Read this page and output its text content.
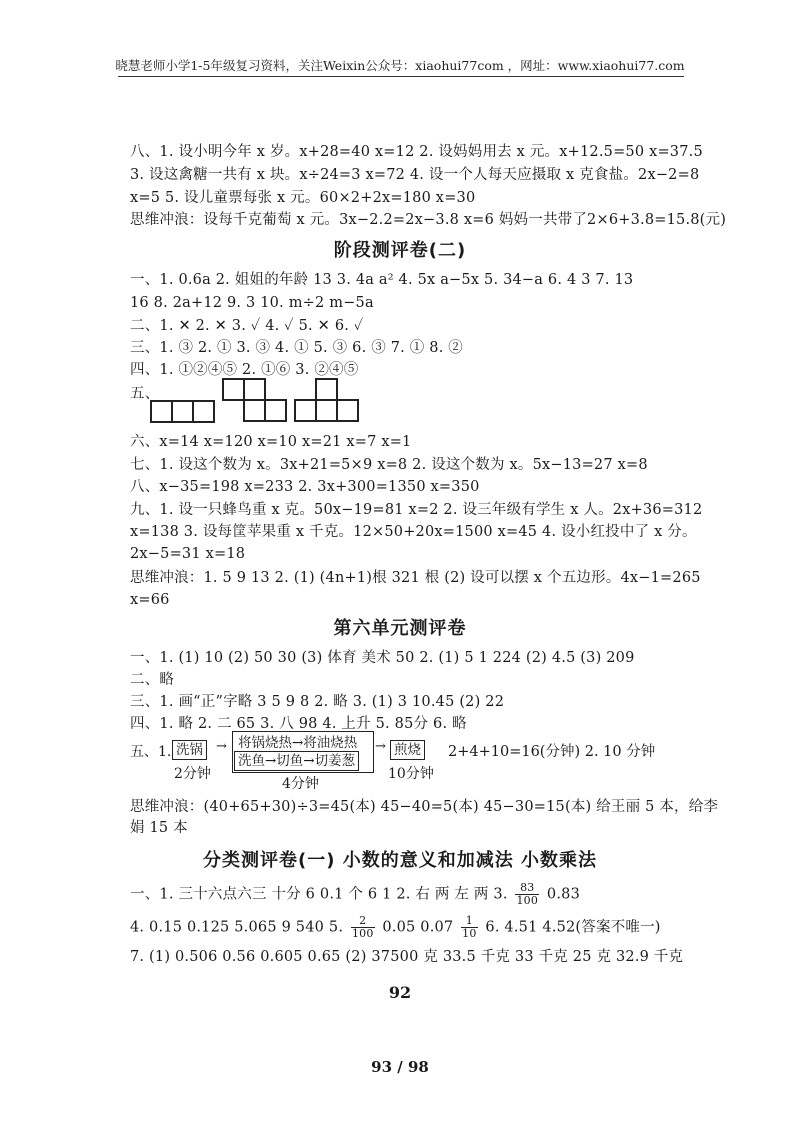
晓慧老师小学1-5年级复习资料，关注Weixin公众号：xiaohui77com ，网址：www.xiaohui77.com
八、1. 设小明今年 x 岁。x+28=40 x=12 2. 设妈妈用去 x 元。x+12.5=50 x=37.5
3. 设这禽糖一共有 x 块。x÷24=3 x=72 4. 设一个人每天应摄取 x 克食盐。2x−2=8
x=5 5. 设儿童票每张 x 元。60×2+2x=180 x=30
思维冲浪：设每千克葡萄 x 元。3x−2.2=2x−3.8 x=6 妈妈一共带了2×6+3.8=15.8(元)
阶段测评卷(二)
一、1. 0.6a 2. 姐姐的年龄 13 3. 4a a² 4. 5x a−5x 5. 34−a 6. 4 3 7. 13
16 8. 2a+12 9. 3 10. m÷2 m−5a
二、1. ✕ 2. ✕ 3. ✓ 4. ✓ 5. ✕ 6. ✓
三、1. ③ 2. ① 3. ③ 4. ① 5. ③ 6. ③ 7. ① 8. ②
四、1. ①②④⑤ 2. ①⑥ 3. ②④⑤
五、
六、x=14 x=120 x=10 x=21 x=7 x=1
七、1. 设这个数为 x。3x+21=5×9 x=8 2. 设这个数为 x。5x−13=27 x=8
八、x−35=198 x=233 2. 3x+300=1350 x=350
九、1. 设一只蜂鸟重 x 克。50x−19=81 x=2 2. 设三年级有学生 x 人。2x+36=312
x=138 3. 设每筐苹果重 x 千克。12×50+20x=1500 x=45 4. 设小红投中了 x 分。
2x−5=31 x=18
思维冲浪：1. 5 9 13 2. (1) (4n+1)根 321 根 (2) 设可以摆 x 个五边形。4x−1=265
x=66
第六单元测评卷
一、1. (1) 10 (2) 50 30 (3) 体育 美术 50 2. (1) 5 1 224 (2) 4.5 (3) 209
二、略
三、1. 画“正”字略 3 5 9 8 2. 略 3. (1) 3 10.45 (2) 22
四、1. 略 2. 二 65 3. 八 98 4. 上升 5. 85分 6. 略
五、1. 洗锅	→ 将锅烧热→将油烧热
洗鱼→切鱼→切姜葱
→ 煎烧 2+4+10=16(分钟) 2. 10 分钟
2分钟
4分钟
10分钟
思维冲浪：(40+65+30)÷3=45(本) 45−40=5(本) 45−30=15(本) 给王丽 5 本，给李
娟 15 本
分类测评卷(一) 小数的意义和加减法 小数乘法
一、1. 三十六点六三 十分 6 0.1 个 6 1 2. 右 两 左 两 3. $\frac{83}{100} 0.83$
4. 0.15 0.125 5.065 9 540 5. $\frac{2}{100} 0.05$ $0.07 \frac{1}{10} 6$. 4.51 4.52(答案不唯一)
7. (1) 0.506 0.56 0.605 0.65 (2) 37500 克 33.5 千克 33 千克 25 克 32.9 千克
92
93 / 98
